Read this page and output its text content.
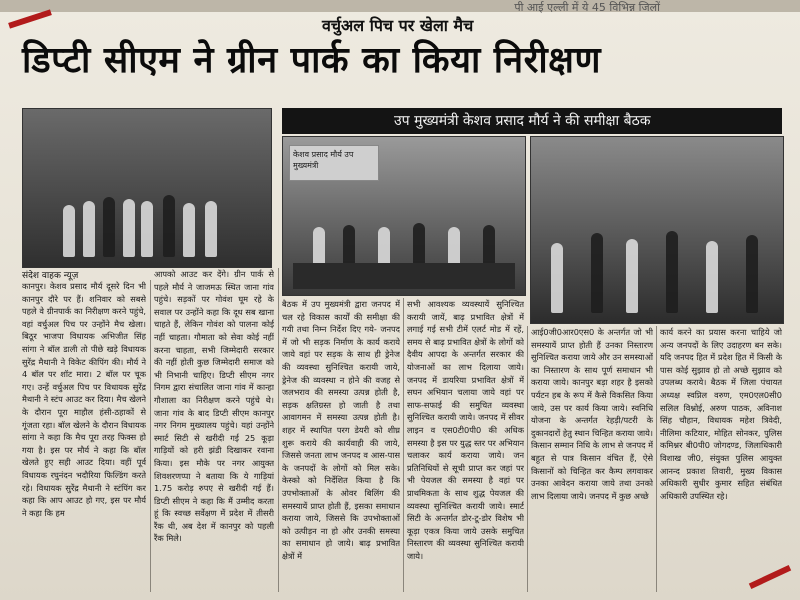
पी आई एल्ली में ये 45 विभिन्न जिलों
वर्चुअल पिच पर खेला मैच
डिप्टी सीएम ने ग्रीन पार्क का किया निरीक्षण
उप मुख्यमंत्री केशव प्रसाद मौर्य ने की समीक्षा बैठक
केशव प्रसाद मौर्य उप मुख्यमंत्री
संदेश वाहक न्यूज़

कानपुर। केशव प्रसाद मौर्य दूसरे दिन भी कानपुर दौरे पर हैं। शनिवार को सबसे पहले वे ग्रीनपार्क का निरीक्षण करने पहुंचे, वहां वर्चुअल पिच पर उन्होंने मैच खेला। बिठूर भाजपा विधायक अभिजीत सिंह सांगा ने बॉल डाली तो पीछे खड़े विधायक सुरेंद्र मैथानी ने विकेट कीपिंग की। मौर्य ने 4 बॉल पर शॉट मारा। 2 बॉल पर चूक गए। उन्हें वर्चुअल पिच पर विधायक सुरेंद्र मैथानी ने स्टंप आउट कर दिया। मैच खेलने के दौरान पूरा माहौल हंसी-ठहाकों से गूंजता रहा। बॉल खेलने के दौरान विधायक सांगा ने कहा कि मैच पूरा तरह फिक्स हो गया है। इस पर मौर्य ने कहा कि बॉल खेलते हुए सही आउट दिया। वहीं पूर्व विधायक रघुनंदन भदौरिया फिल्डिंग करते रहे। विधायक सुरेंद्र मैथानी ने स्टंपिंग कर कहा कि आप आउट हो गए, इस पर मौर्य ने कहा कि हम

आपको आउट कर देंगे। ग्रीन पार्क से पहले मौर्य ने जाजमऊ स्थित जाना गांव पहुंचे। सड़कों पर गोवंश घूम रहे के सवाल पर उन्होंने कहा कि दूध सब खाना चाहते हैं, लेकिन गोवंश को पालना कोई नहीं चाहता। गौमाता को सेवा कोई नहीं करना चाहता, सभी जिम्मेदारी सरकार की नहीं होती कुछ जिम्मेदारी समाज को भी निभानी चाहिए। डिप्टी सीएम नगर निगम द्वारा संचालित जाना गांव में कान्हा गौशाला का निरीक्षण करने पहुंचे थे। जाना गांव के बाद डिप्टी सीएम कानपुर नगर निगम मुख्यालय पहुंचे। यहां उन्होंने स्मार्ट सिटी से खरीदी गई 25 कूड़ा गाड़ियों को हरी झंडी दिखाकर रवाना किया। इस मौके पर नगर आयुक्त शिवशरणप्पा ने बताया कि ये गाड़ियां 1.75 करोड़ रुपए से खरीदी गई हैं। डिप्टी सीएम ने कहा कि मैं उम्मीद करता हूं कि स्वच्छ सर्वेक्षण में प्रदेश में तीसरी रैंक थी, अब देश में कानपुर को पहली रैंक मिले।

बैठक में उप मुख्यमंत्री द्वारा जनपद में चल रहे विकास कार्यों की समीक्षा की गयी तथा निम्न निर्देश दिए गये- जनपद में जो भी सड़क निर्माण के कार्य कराये जाये वहां पर सड़क के साथ ही ड्रेनेज की व्यवस्था सुनिश्चित करायी जाये, ड्रेनेज की व्यवस्था न होने की वजह से जलभराव की समस्या उत्पन्न होती है, सड़क क्षतिग्रस्त हो जाती है तथा आवागमन में समस्या उत्पन्न होती है। शहर में स्थापित परग डेयरी को शीघ्र शुरू कराये की कार्यवाही की जाये, जिससे जनता लाभ जनपद व आस-पास के जनपदों के लोगों को मिल सके। केस्को को निर्देशित किया है कि उपभोक्ताओं के ओवर बिलिंग की समस्यायें प्राप्त होती हैं, इसका समाधान कराया जाये, जिससे कि उपभोक्ताओं को उत्पीड़न ना हो और उनकी समस्या का समाधान हो जाये। बाढ़ प्रभावित क्षेत्रों में

सभी आवश्यक व्यवस्थायें सुनिश्चित करायी जायें, बाढ़ प्रभावित क्षेत्रों में लगाई गई सभी टीमें एलर्ट मोड में रहें, समय से बाढ़ प्रभावित क्षेत्रों के लोगों को दैवीय आपदा के अन्तर्गत सरकार की योजनाओं का लाभ दिलाया जाये। जनपद में डायरिया प्रभावित क्षेत्रों में सघन अभियान चलाया जाये वहां पर साफ-सफाई की समुचित व्यवस्था सुनिश्चित करायी जाये। जनपद में सीवर लाइन व एस0टी0पी0 की अधिक समस्या है इस पर युद्ध स्तर पर अभियान चलाकर कार्य कराया जाये। जन प्रतिनिधियों से सूची प्राप्त कर जहां पर भी पेयजल की समस्या है वहां पर प्राथमिकता के साथ शुद्ध पेयजल की व्यवस्था सुनिश्चित करायी जाये। स्मार्ट सिटी के अन्तर्गत डोर-टू-डोर विशेष भी कूड़ा एकत्र किया जाये उसके समुचित निस्तारण की व्यवस्था सुनिश्चित करायी जाये।

आई0जी0आर0एस0 के अन्तर्गत जो भी समस्यायें प्राप्त होती हैं उनका निस्तारण सुनिश्चित कराया जाये और उन समस्याओं का निस्तारण के साथ पूर्ण समाधान भी कराया जाये। कानपुर बड़ा शहर है इसको पर्यटन हब के रूप में कैसे विकसित किया जाये, उस पर कार्य किया जाये। स्वनिधि योजना के अन्तर्गत रेहड़ी/पटरी के दुकानदारों हेतु स्थान चिन्हित कराया जाये। किसान सम्मान निधि के लाभ से जनपद में बहुत से पात्र किसान वंचित हैं, ऐसे किसानों को चिन्हित कर कैम्प लगवाकर उनका आवेदन कराया जाये तथा उनको लाभ दिलाया जाये। जनपद में कुछ अच्छे

कार्य करने का प्रयास करना चाहिये जो अन्य जनपदों के लिए उदाहरण बन सके। यदि जनपद हित में प्रदेश हित में किसी के पास कोई सुझाव हो तो अच्छे सुझाव को उपलब्ध कराये। बैठक में जिला पंचायत अध्यक्ष स्वप्निल वरुण, एम0एल0सी0 सलिल विश्नोई, अरुण पाठक, अविनाश सिंह चौहान, विधायक महेश त्रिवेदी, नीलिमा कटियार, मोहित सोनकर, पुलिस कमिश्नर बी0पी0 जोगदण्ड, जिलाधिकारी विशाख जी0, संयुक्त पुलिस आयुक्त आनन्द प्रकाश तिवारी, मुख्य विकास अधिकारी सुधीर कुमार सहित संबंधित अधिकारी उपस्थित रहे।
